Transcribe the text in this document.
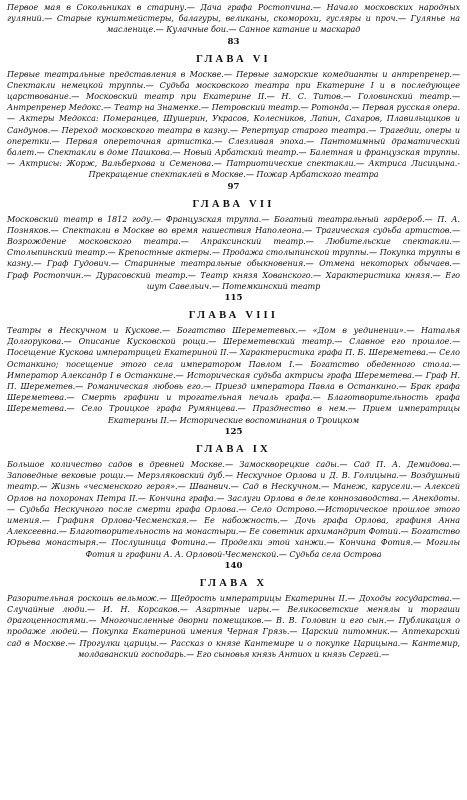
Первое мая в Сокольниках в старину.— Дача графа Ростопчина.— Начало московских народных гуляний.— Старые кунштмейстеры, балагуры, великаны, скоморохи, гусляры и проч.— Гулянье на масленице.— Кулачные бои.— Санное катание и маскарад

83
ГЛАВА VI

Первые театральные представления в Москве.— Первые заморские комедианты и антрепренер.— Спектакли немецкой труппы.— Судьба московского театра при Екатерине I и в последующее царствование.— Московский театр при Екатерине II.— Н. С. Титов.— Головинский театр.— Антрепренер Медокс.— Театр на Знаменке.— Петровский театр.— Ротонда.— Первая русская опера.— Актеры Медокса: Померанцев, Шушерин, Украсов, Колесников, Лапин, Сахаров, Плавильщиков и Сандунов.— Переход московского театра в казну.— Репертуар старого театра.— Трагедии, оперы и оперетки.— Первая опереточная артистка.— Слезливая эпоха.— Пантомимный драматический балет.— Спектакли в доме Пашкова.— Новый Арбатский театр.— Балетная и французская труппы.— Актрисы: Жорж, Вальберхова и Семенова.— Патриотические спектакли.— Актриса Лисицына.- Прекращение спектаклей в Москве.— Пожар Арбатского театра

97
ГЛАВА VII

Московский театр в 1812 году.— Французская труппа.— Богатый театральный гардероб.— П. А. Позняков.— Спектакли в Москве во время нашествия Наполеона.— Трагическая судьба артистов.— Возрождение московского театра.— Апраксинский театр.— Любительские спектакли.— Столыпинский театр.— Крепостные актеры.— Продажа столыпинской труппы.— Покупка труппы в казну.— Граф Гудович.— Старинные театральные обыкновения.— Отмена некоторых обычаев.— Граф Ростопчин.— Дурасовский театр.— Театр князя Хованского.— Характеристика князя.— Его шут Савельич.— Потемкинский театр

115
ГЛАВА VIII

Театры в Нескучном и Кускове.— Богатство Шереметевых.— «Дом в уединении».— Наталья Долгорукова.— Описание Кусковской рощи.— Шереметевский театр.— Славное его прошлое.— Посещение Кускова императрицей Екатериной II.— Характеристика графа П. Б. Шереметева.— Село Останкино; посещение этого села императором Павлом I.— Богатство обеденного стола.— Император Александр I в Останкине.— Историческая судьба актрисы графа Шереметева.— Граф Н. П. Шереметев.— Романическая любовь его.— Приезд императора Павла в Останкино.— Брак графа Шереметева.— Смерть графини и трогательная печаль графа.— Благотворительность графа Шереметева.— Село Троицкое графа Румянцева.— Празднество в нем.— Прием императрицы Екатерины II.— Исторические воспоминания о Троицком

125
ГЛАВА IX

Большое количество садов в древней Москве.— Замоскворецкие сады.— Сад П. А. Демидова.— Заповедные вековые рощи.— Мерзляковский дуб.— Нескучное Орлова и Д. В. Голицына.— Воздушный театр.— Жизнь «чесменского героя».— Шванвич.— Сад в Нескучном.— Манеж, карусели.— Алексей Орлов на похоронах Петра II.— Кончина графа.— Заслуги Орлова в деле коннозаводства.— Анекдоты.— Судьба Нескучного после смерти графа Орлова.— Село Острово.—Историческое прошлое этого имения.— Графиня Орлова-Чесменская.— Ее набожность.— Дочь графа Орлова, графиня Анна Алексеевна.— Благотворительность на монастыри.— Ее советник архимандрит Фотий.— Богатство Юрьева монастыря.— Послушница Фотина.— Проделки этой ханжи.— Кончина Фотия.— Могилы Фотия и графини А. А. Орловой-Чесменской.— Судьба села Острова

140
ГЛАВА X

Разорительная роскошь вельмож.— Щедрость императрицы Екатерины II.— Доходы государства.— Случайные люди.— И. Н. Корсаков.— Азартные игры.— Великосветские менялы и торгаши драгоценностями.— Многочисленные дворни помещиков.— В. В. Головин и его сын.— Публикация о продаже людей.— Покупка Екатериной имения Черная Грязь.— Царский питомник.— Аптекарский сад в Москве.— Прогулки царицы.— Рассказ о князе Кантемире и о покупке Царицына.— Кантемир, молдаванский господарь.— Его сыновья князь Антиох и князь Сергей.—
